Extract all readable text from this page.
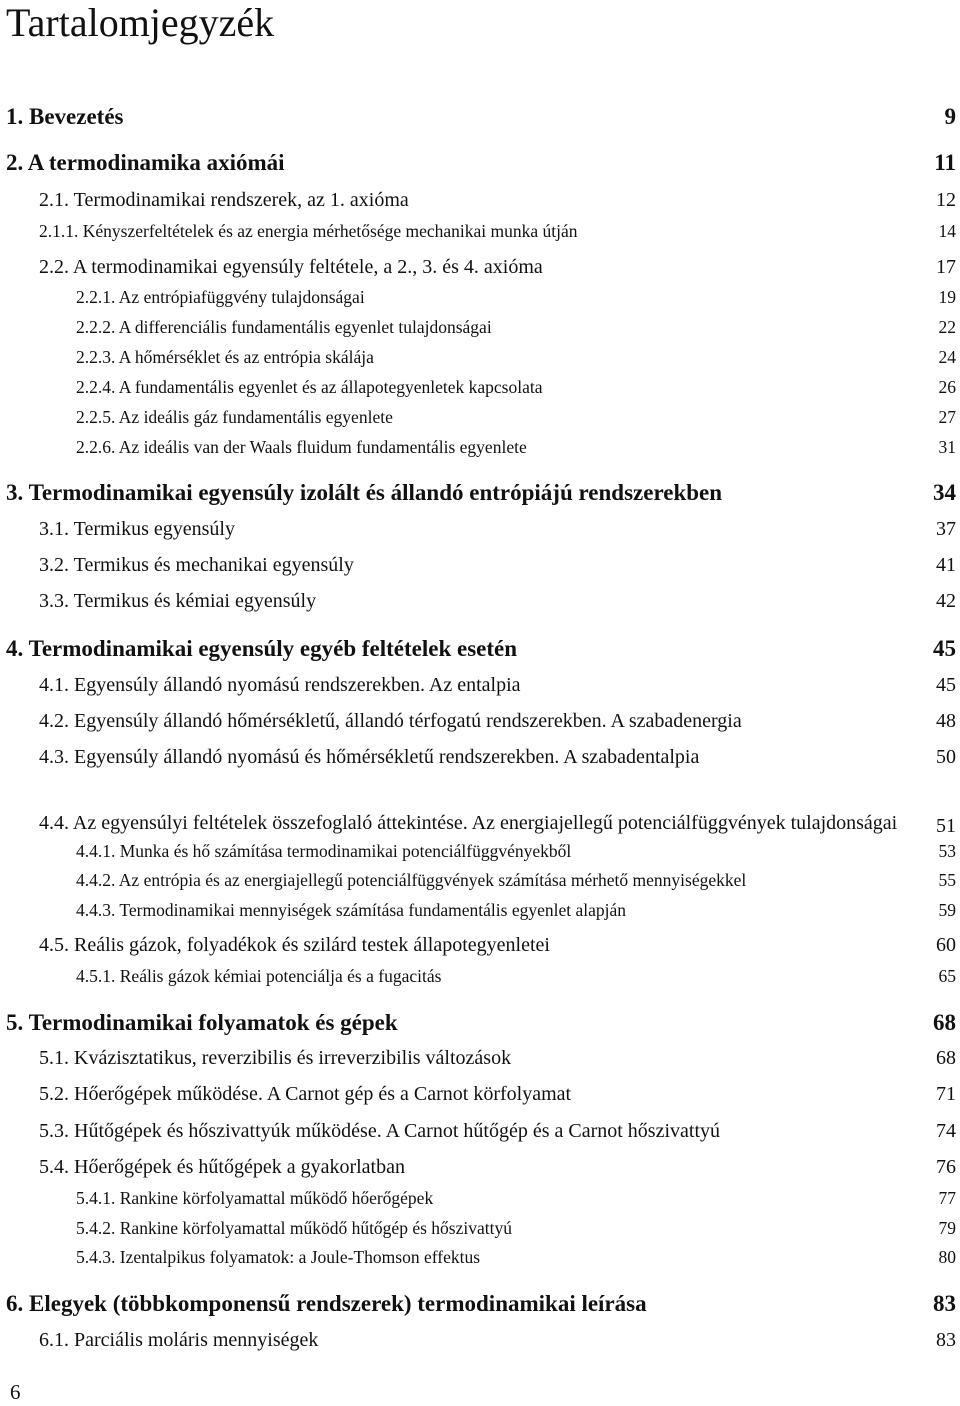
Tartalomjegyzék
1. Bevezetés	9
2. A termodinamika axiómái	11
2.1. Termodinamikai rendszerek, az 1. axióma	12
2.1.1. Kényszerfeltételek és az energia mérhetősége mechanikai munka útján	14
2.2. A termodinamikai egyensúly feltétele, a 2., 3. és 4. axióma	17
2.2.1. Az entrópiafüggvény tulajdonságai	19
2.2.2. A differenciális fundamentális egyenlet tulajdonságai	22
2.2.3. A hőmérséklet és az entrópia skálája	24
2.2.4. A fundamentális egyenlet és az állapotegyenletek kapcsolata	26
2.2.5. Az ideális gáz fundamentális egyenlete	27
2.2.6. Az ideális van der Waals fluidum fundamentális egyenlete	31
3. Termodinamikai egyensúly izolált és állandó entrópiájú rendszerekben	34
3.1. Termikus egyensúly	37
3.2. Termikus és mechanikai egyensúly	41
3.3. Termikus és kémiai egyensúly	42
4. Termodinamikai egyensúly egyéb feltételek esetén	45
4.1. Egyensúly állandó nyomású rendszerekben. Az entalpia	45
4.2. Egyensúly állandó hőmérsékletű, állandó térfogatú rendszerekben. A szabadenergia	48
4.3. Egyensúly állandó nyomású és hőmérsékletű rendszerekben. A szabadentalpia	50
4.4. Az egyensúlyi feltételek összefoglaló áttekintése. Az energiajellegű potenciálfüggvények tulajdonságai 51
4.4.1. Munka és hő számítása termodinamikai potenciálfüggvényekből	53
4.4.2. Az entrópia és az energiajellegű potenciálfüggvények számítása mérhető mennyiségekkel	55
4.4.3. Termodinamikai mennyiségek számítása fundamentális egyenlet alapján	59
4.5. Reális gázok, folyadékok és szilárd testek állapotegyenletei	60
4.5.1. Reális gázok kémiai potenciálja és a fugacitás	65
5. Termodinamikai folyamatok és gépek	68
5.1. Kvázisztatikus, reverzibilis és irreverzibilis változások	68
5.2. Hőerőgépek működése. A Carnot gép és a Carnot körfolyamat	71
5.3. Hűtőgépek és hőszivattyúk működése. A Carnot hűtőgép és a Carnot hőszivattyú	74
5.4. Hőerőgépek és hűtőgépek a gyakorlatban	76
5.4.1. Rankine körfolyamattal működő hőerőgépek	77
5.4.2. Rankine körfolyamattal működő hűtőgép és hőszivattyú	79
5.4.3. Izentalpikus folyamatok: a Joule-Thomson effektus	80
6. Elegyek (többkomponensű rendszerek) termodinamikai leírása	83
6.1. Parciális moláris mennyiségek	83
6
